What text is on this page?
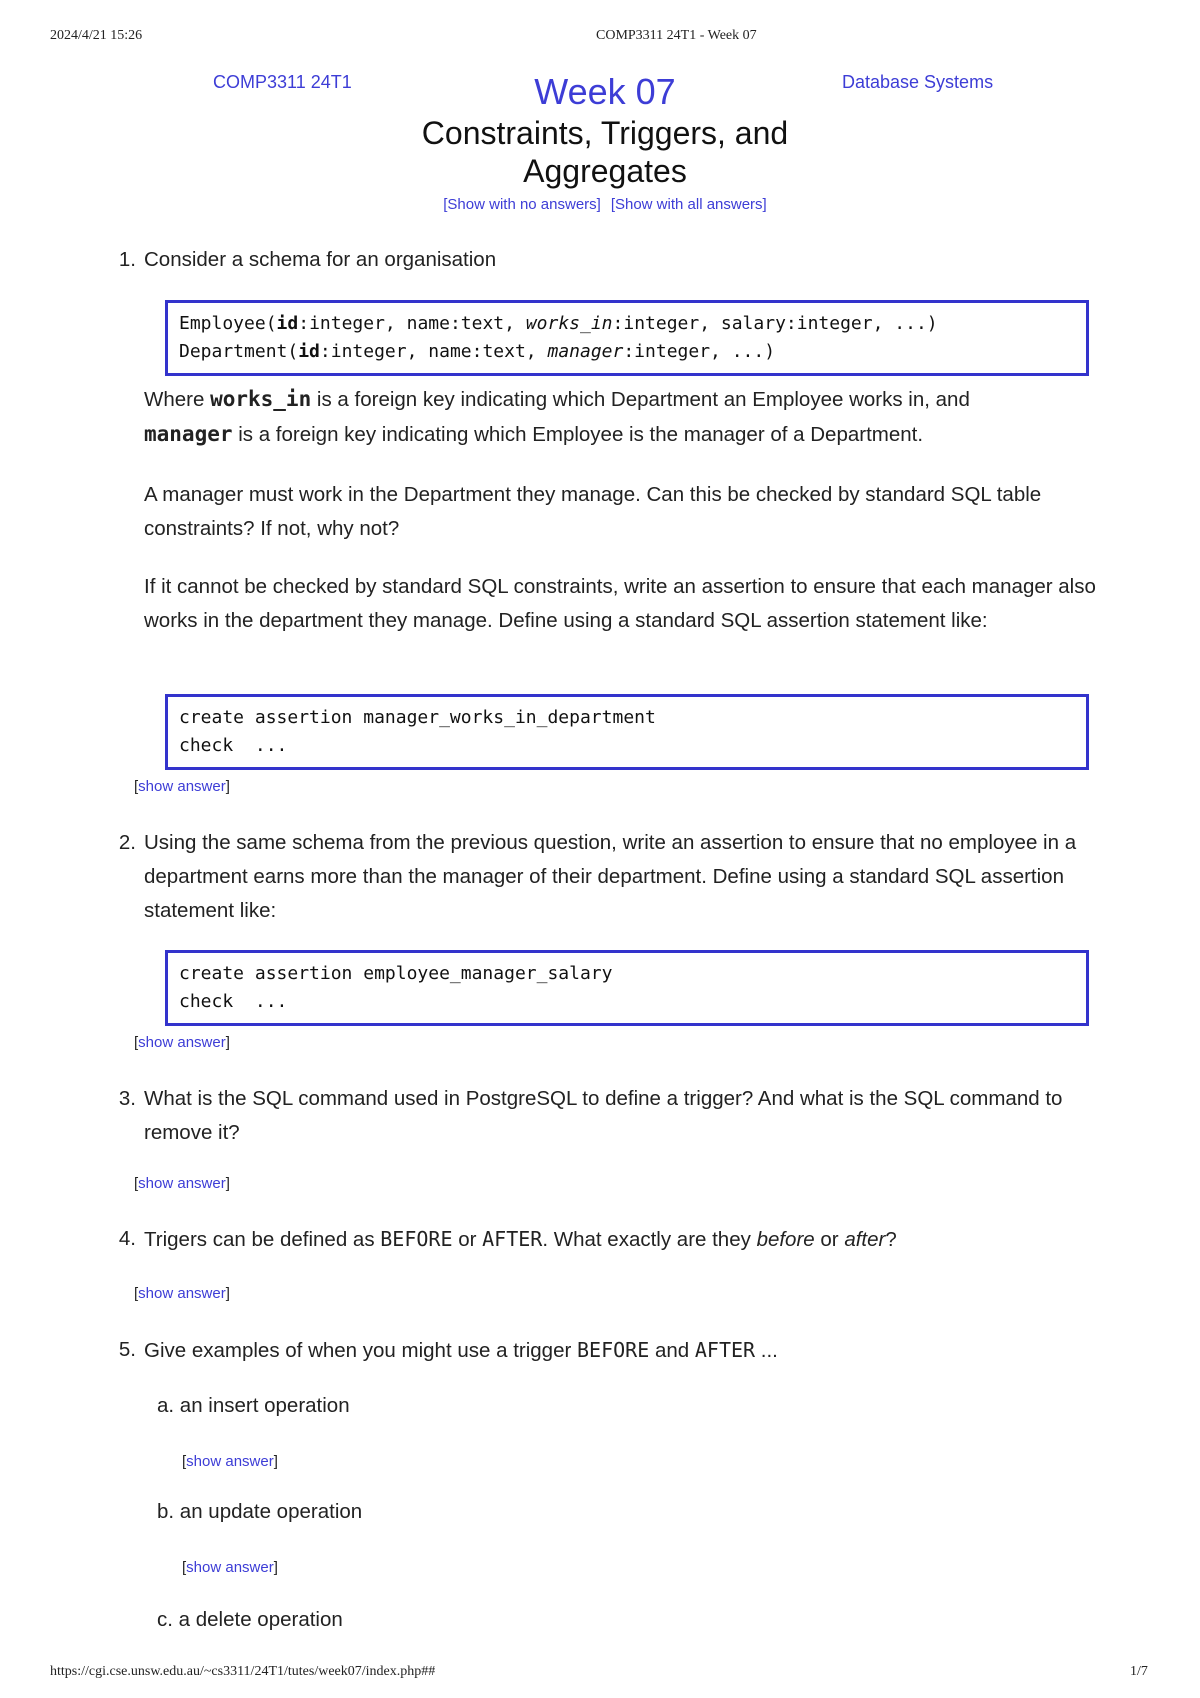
2024/4/21 15:26	COMP3311 24T1 - Week 07
COMP3311 24T1	Database Systems
Week 07
Constraints, Triggers, and
Aggregates
[Show with no answers] [Show with all answers]
1. Consider a schema for an organisation
Employee(id:integer, name:text, works_in:integer, salary:integer, ...)
Department(id:integer, name:text, manager:integer, ...)

Where works_in is a foreign key indicating which Department an Employee works in, and
manager is a foreign key indicating which Employee is the manager of a Department.

A manager must work in the Department they manage. Can this be checked by standard SQL table constraints? If not, why not?

If it cannot be checked by standard SQL constraints, write an assertion to ensure that each manager also works in the department they manage. Define using a standard SQL assertion statement like:

create assertion manager_works_in_department
check  ...
[show answer]
2. Using the same schema from the previous question, write an assertion to ensure that no employee in a department earns more than the manager of their department. Define using a standard SQL assertion statement like:

create assertion employee_manager_salary
check  ...
[show answer]
3. What is the SQL command used in PostgreSQL to define a trigger? And what is the SQL command to remove it?

[show answer]
4. Trigers can be defined as BEFORE or AFTER. What exactly are they before or after?
[show answer]
5. Give examples of when you might use a trigger BEFORE and AFTER ...
a. an insert operation
[show answer]
b. an update operation
[show answer]
c. a delete operation
https://cgi.cse.unsw.edu.au/~cs3311/24T1/tutes/week07/index.php##	1/7
